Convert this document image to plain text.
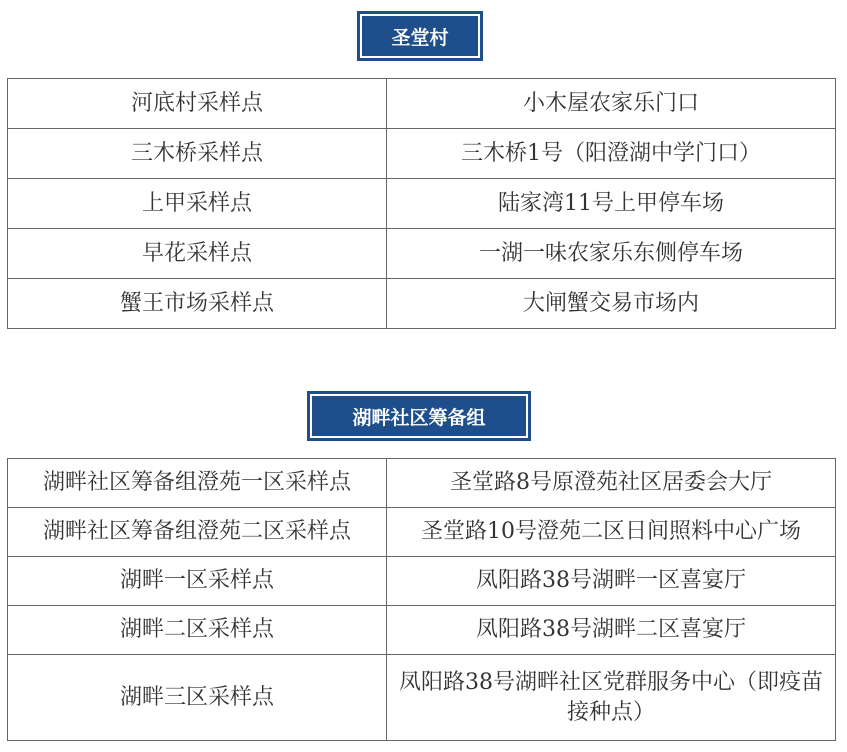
圣堂村
河底村采样点	小木屋农家乐门口
三木桥采样点	三木桥1号（阳澄湖中学门口）
上甲采样点	陆家湾11号上甲停车场
早花采样点	一湖一味农家乐东侧停车场
蟹王市场采样点	大闸蟹交易市场内
湖畔社区筹备组
湖畔社区筹备组澄苑一区采样点	圣堂路8号原澄苑社区居委会大厅
湖畔社区筹备组澄苑二区采样点	圣堂路10号澄苑二区日间照料中心广场
湖畔一区采样点	凤阳路38号湖畔一区喜宴厅
湖畔二区采样点	凤阳路38号湖畔二区喜宴厅
湖畔三区采样点	凤阳路38号湖畔社区党群服务中心（即疫苗接种点）
